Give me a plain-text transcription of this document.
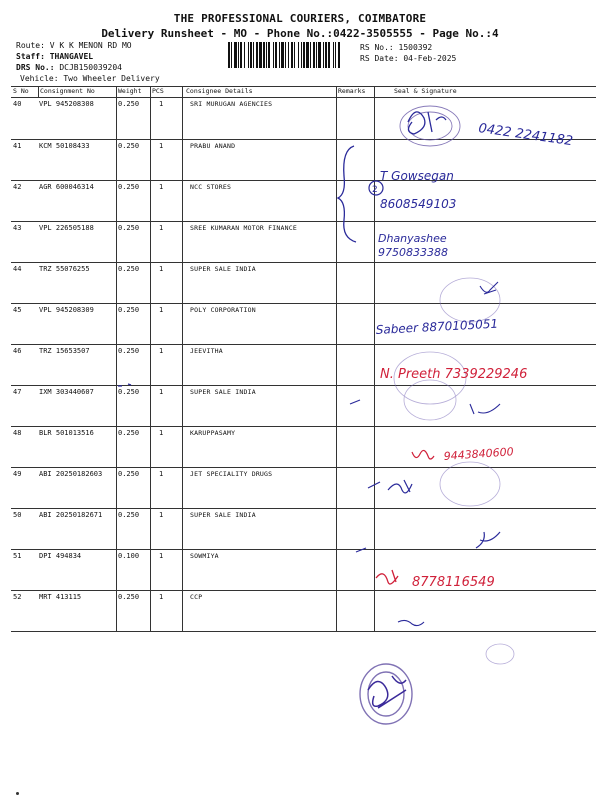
THE PROFESSIONAL COURIERS, COIMBATORE
Delivery Runsheet - MO - Phone No.:0422-3505555 - Page No.:4
Route: V K K MENON RD MO
Staff: THANGAVEL
DRS No.: DCJB150039204
Vehicle: Two Wheeler Delivery
RS No.: 1500392
RS Date: 04-Feb-2025
S No Consignment No	Weight PCS	Consignee Details	Remarks	Seal & Signature
40	VPL 945208308	0.250	1	SRI MURUGAN AGENCIES
41	KCM 50108433	0.250	1	PRABU ANAND
42	AGR 600046314	0.250	1	NCC STORES
43	VPL 226505188	0.250	1	SREE KUMARAN MOTOR FINANCE
44	TRZ 55076255	0.250	1	SUPER SALE INDIA
45	VPL 945208309	0.250	1	POLY CORPORATION
46	TRZ 15653507	0.250	1	JEEVITHA
47	IXM 303440607	0.250	1	SUPER SALE INDIA
48	BLR 501013516	0.250	1	KARUPPASAMY
49	ABI 20250182603 0.250	1	JET SPECIALITY DRUGS
50	ABI 20250182671 0.250	1	SUPER SALE INDIA
51	DPI 494834	0.100	1	SOWMIYA
52	MRT 413115	0.250	1	CCP
0422 2241182
2
T Gowsegan 8608549103
Dhanyashee 9750833388
Sabeer 8870105051
N. Preeth 7339229246
9443840600
8778116549
